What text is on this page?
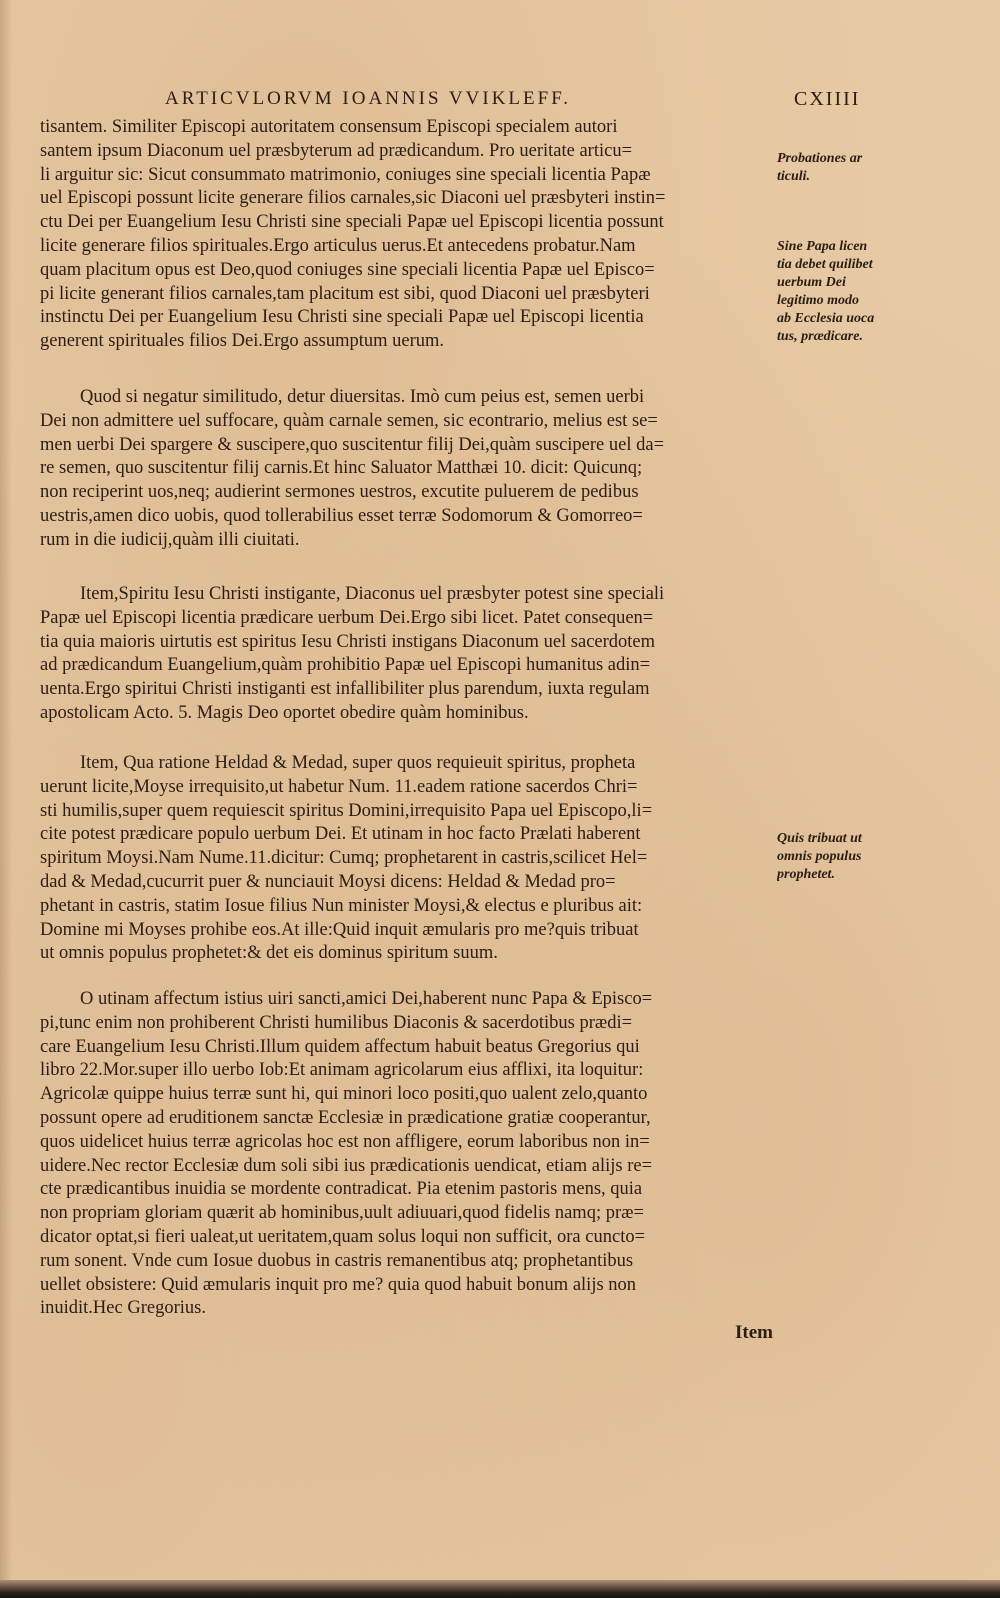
ARTICVLORVM IOANNIS VVIKLEFF.	CXIIII
tisantem. Similiter Episcopi autoritatem consensum Episcopi specialem autori
santem ipsum Diaconum uel præsbyterum ad prædicandum. Pro ueritate articu=
li arguitur sic: Sicut consummato matrimonio, coniuges sine speciali licentia Papæ
uel Episcopi possunt licite generare filios carnales,sic Diaconi uel præsbyteri instin=
ctu Dei per Euangelium Iesu Christi sine speciali Papæ uel Episcopi licentia possunt
licite generare filios spirituales.Ergo articulus uerus.Et antecedens probatur.Nam
quam placitum opus est Deo,quod coniuges sine speciali licentia Papæ uel Episco=
pi licite generant filios carnales,tam placitum est sibi, quod Diaconi uel præsbyteri
instinctu Dei per Euangelium Iesu Christi sine speciali Papæ uel Episcopi licentia
generent spirituales filios Dei.Ergo assumptum uerum.
Quod si negatur similitudo, detur diuersitas. Imò cum peius est, semen uerbi
Dei non admittere uel suffocare, quàm carnale semen, sic econtrario, melius est se=
men uerbi Dei spargere & suscipere,quo suscitentur filij Dei,quàm suscipere uel da=
re semen, quo suscitentur filij carnis.Et hinc Saluator Matthæi 10. dicit: Quicunq;
non reciperint uos,neq; audierint sermones uestros, excutite puluerem de pedibus
uestris,amen dico uobis, quod tollerabilius esset terræ Sodomorum & Gomorreo=
rum in die iudicij,quàm illi ciuitati.
Item,Spiritu Iesu Christi instigante, Diaconus uel præsbyter potest sine speciali
Papæ uel Episcopi licentia prædicare uerbum Dei.Ergo sibi licet. Patet consequen=
tia quia maioris uirtutis est spiritus Iesu Christi instigans Diaconum uel sacerdotem
ad prædicandum Euangelium,quàm prohibitio Papæ uel Episcopi humanitus adin=
uenta.Ergo spiritui Christi instiganti est infallibiliter plus parendum, iuxta regulam
apostolicam Acto. 5. Magis Deo oportet obedire quàm hominibus.
Item, Qua ratione Heldad & Medad, super quos requieuit spiritus, propheta
uerunt licite,Moyse irrequisito,ut habetur Num. 11.eadem ratione sacerdos Chri=
sti humilis,super quem requiescit spiritus Domini,irrequisito Papa uel Episcopo,li=
cite potest prædicare populo uerbum Dei. Et utinam in hoc facto Prælati haberent
spiritum Moysi.Nam Nume.11.dicitur: Cumq; prophetarent in castris,scilicet Hel=
dad & Medad,cucurrit puer & nunciauit Moysi dicens: Heldad & Medad pro=
phetant in castris, statim Iosue filius Nun minister Moysi,& electus e pluribus ait:
Domine mi Moyses prohibe eos.At ille:Quid inquit æmularis pro me?quis tribuat
ut omnis populus prophetet:& det eis dominus spiritum suum.
O utinam affectum istius uiri sancti,amici Dei,haberent nunc Papa & Episco=
pi,tunc enim non prohiberent Christi humilibus Diaconis & sacerdotibus prædi=
care Euangelium Iesu Christi.Illum quidem affectum habuit beatus Gregorius qui
libro 22.Mor.super illo uerbo Iob:Et animam agricolarum eius afflixi, ita loquitur:
Agricolæ quippe huius terræ sunt hi, qui minori loco positi,quo ualent zelo,quanto
possunt opere ad eruditionem sanctæ Ecclesiæ in prædicatione gratiæ cooperantur,
quos uidelicet huius terræ agricolas hoc est non affligere, eorum laboribus non in=
uidere.Nec rector Ecclesiæ dum soli sibi ius prædicationis uendicat, etiam alijs re=
cte prædicantibus inuidia se mordente contradicat. Pia etenim pastoris mens, quia
non propriam gloriam quærit ab hominibus,uult adiuuari,quod fidelis namq; præ=
dicator optat,si fieri ualeat,ut ueritatem,quam solus loqui non sufficit, ora cuncto=
rum sonent. Vnde cum Iosue duobus in castris remanentibus atq; prophetantibus
uellet obsistere: Quid æmularis inquit pro me? quia quod habuit bonum alijs non
inuidit.Hec Gregorius.
Probationes ar
ticuli.
Sine Papa licen
tia debet quilibet
uerbum Dei
legitimo modo
ab Ecclesia uoca
tus, prædicare.
Quis tribuat ut
omnis populus
prophetet.
Item
